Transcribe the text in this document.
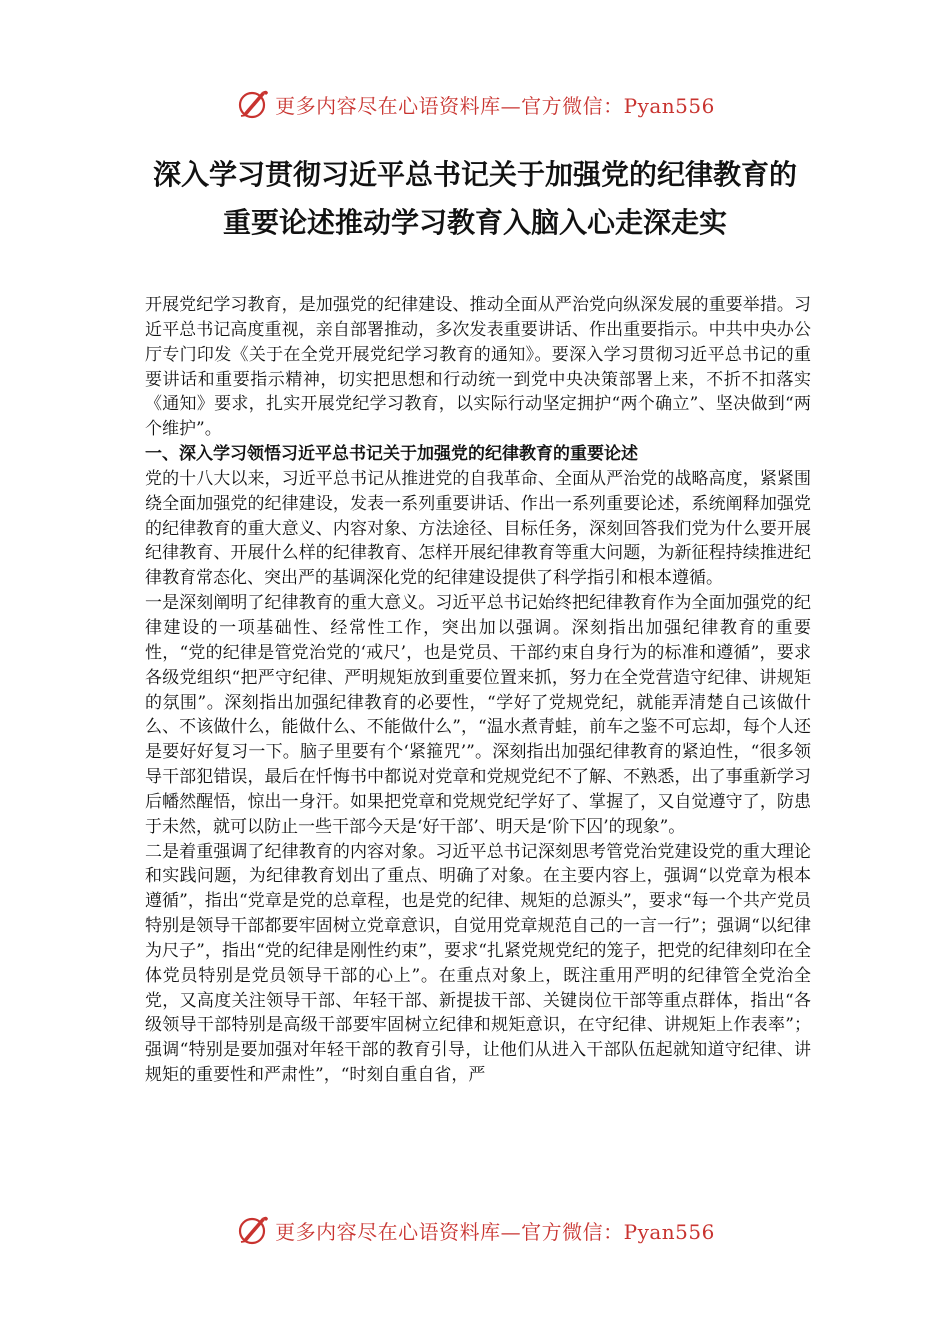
更多内容尽在心语资料库—官方微信：Pyan556
深入学习贯彻习近平总书记关于加强党的纪律教育的
重要论述推动学习教育入脑入心走深走实

开展党纪学习教育，是加强党的纪律建设、推动全面从严治党向纵深发展的重要举措。习近平总书记高度重视，亲自部署推动，多次发表重要讲话、作出重要指示。中共中央办公厅专门印发《关于在全党开展党纪学习教育的通知》。要深入学习贯彻习近平总书记的重要讲话和重要指示精神，切实把思想和行动统一到党中央决策部署上来，不折不扣落实《通知》要求，扎实开展党纪学习教育，以实际行动坚定拥护“两个确立”、坚决做到“两个维护”。

一、深入学习领悟习近平总书记关于加强党的纪律教育的重要论述

党的十八大以来，习近平总书记从推进党的自我革命、全面从严治党的战略高度，紧紧围绕全面加强党的纪律建设，发表一系列重要讲话、作出一系列重要论述，系统阐释加强党的纪律教育的重大意义、内容对象、方法途径、目标任务，深刻回答我们党为什么要开展纪律教育、开展什么样的纪律教育、怎样开展纪律教育等重大问题，为新征程持续推进纪律教育常态化、突出严的基调深化党的纪律建设提供了科学指引和根本遵循。

一是深刻阐明了纪律教育的重大意义。习近平总书记始终把纪律教育作为全面加强党的纪律建设的一项基础性、经常性工作，突出加以强调。深刻指出加强纪律教育的重要性，“党的纪律是管党治党的‘戒尺’，也是党员、干部约束自身行为的标准和遵循”，要求各级党组织“把严守纪律、严明规矩放到重要位置来抓，努力在全党营造守纪律、讲规矩的氛围”。深刻指出加强纪律教育的必要性，“学好了党规党纪，就能弄清楚自己该做什么、不该做什么，能做什么、不能做什么”，“温水煮青蛙，前车之鉴不可忘却，每个人还是要好好复习一下。脑子里要有个‘紧箍咒’”。深刻指出加强纪律教育的紧迫性，“很多领导干部犯错误，最后在忏悔书中都说对党章和党规党纪不了解、不熟悉，出了事重新学习后幡然醒悟，惊出一身汗。如果把党章和党规党纪学好了、掌握了，又自觉遵守了，防患于未然，就可以防止一些干部今天是‘好干部’、明天是‘阶下囚’的现象”。

二是着重强调了纪律教育的内容对象。习近平总书记深刻思考管党治党建设党的重大理论和实践问题，为纪律教育划出了重点、明确了对象。在主要内容上，强调“以党章为根本遵循”，指出“党章是党的总章程，也是党的纪律、规矩的总源头”，要求“每一个共产党员特别是领导干部都要牢固树立党章意识，自觉用党章规范自己的一言一行”；强调“以纪律为尺子”，指出“党的纪律是刚性约束”，要求“扎紧党规党纪的笼子，把党的纪律刻印在全体党员特别是党员领导干部的心上”。在重点对象上，既注重用严明的纪律管全党治全党，又高度关注领导干部、年轻干部、新提拔干部、关键岗位干部等重点群体，指出“各级领导干部特别是高级干部要牢固树立纪律和规矩意识，在守纪律、讲规矩上作表率”；强调“特别是要加强对年轻干部的教育引导，让他们从进入干部队伍起就知道守纪律、讲规矩的重要性和严肃性”，“时刻自重自省，严

更多内容尽在心语资料库—官方微信：Pyan556
